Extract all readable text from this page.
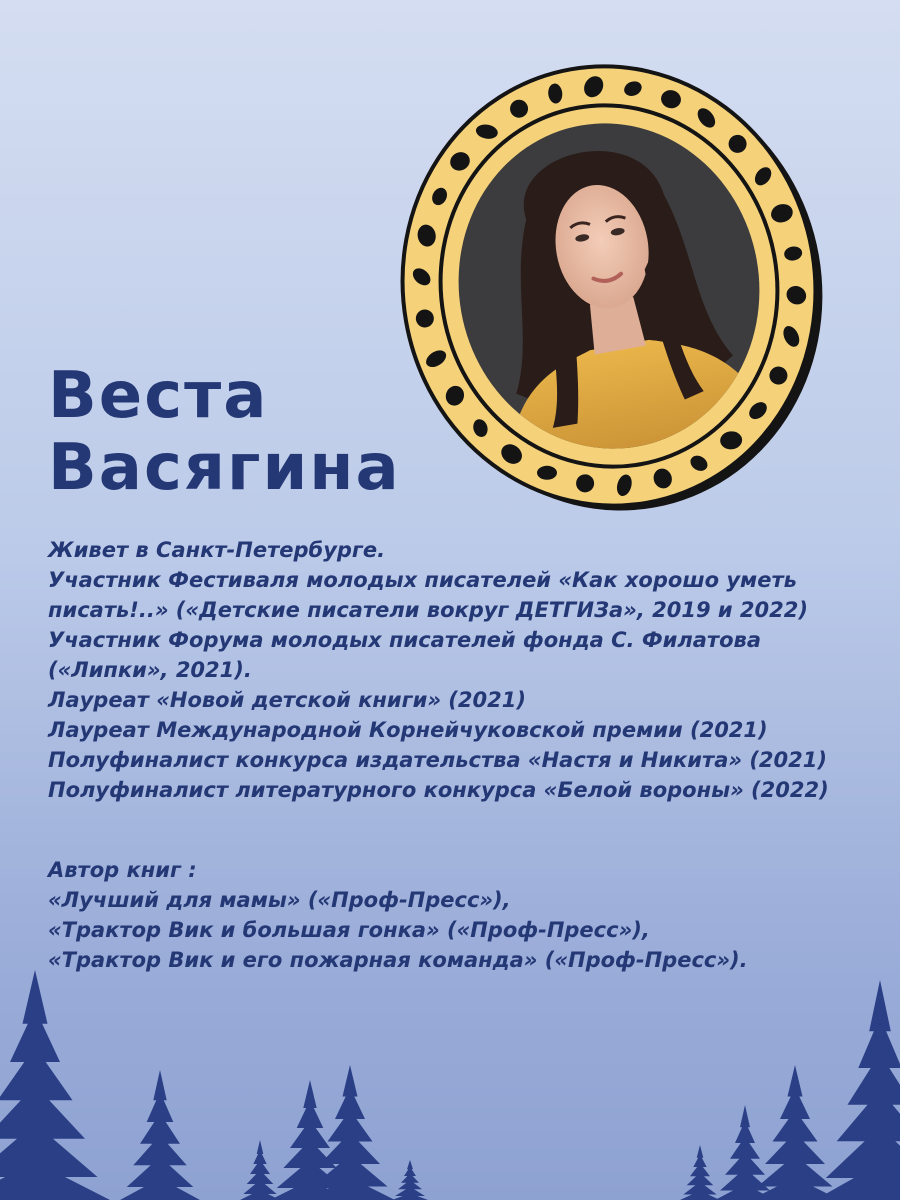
Веста
Васягина
Живет в Санкт-Петербурге.
Участник Фестиваля молодых писателей «Как хорошо уметь
писать!..» («Детские писатели вокруг ДЕТГИЗа», 2019 и 2022)
Участник Форума молодых писателей фонда С. Филатова
(«Липки», 2021).
Лауреат «Новой детской книги» (2021)
Лауреат Международной Корнейчуковской премии (2021)
Полуфиналист конкурса издательства «Настя и Никита» (2021)
Полуфиналист литературного конкурса «Белой вороны» (2022)
Автор книг :
«Лучший для мамы» («Проф-Пресс»),
«Трактор Вик и большая гонка» («Проф-Пресс»),
«Трактор Вик и его пожарная команда» («Проф-Пресс»).
